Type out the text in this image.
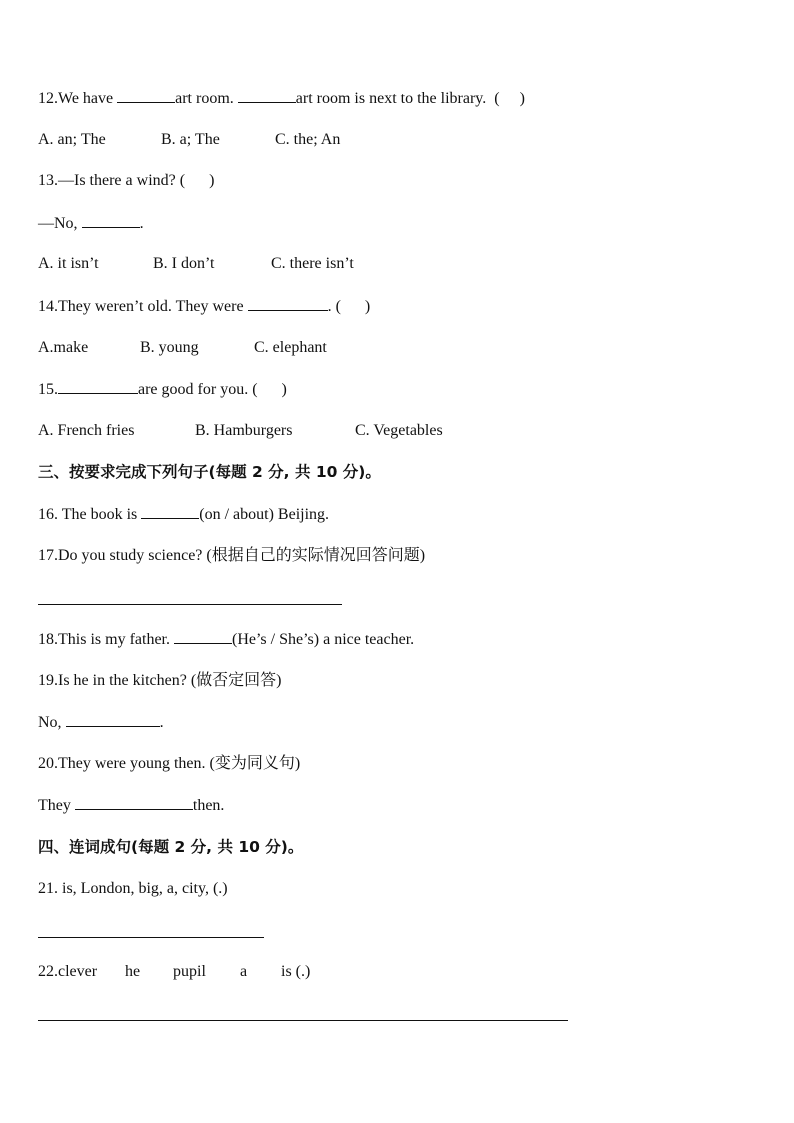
12.We have	art room.	art room is next to the library.  (     )
A. an; The	B. a; The	C. the; An
13.—Is there a wind? (      )
—No,	.
A. it isn’t	B. I don’t	C. there isn’t
14.They weren’t old. They were	. (      )
A.make	B. young	C. elephant
15.	are good for you. (      )
A. French fries	B. Hamburgers	C. Vegetables
三、按要求完成下列句子(每题 2 分, 共 10 分)。
16. The book is	(on / about) Beijing.
17.Do you study science? (根据自己的实际情况回答问题)
18.This is my father.	(He’s / She’s) a nice teacher.
19.Is he in the kitchen? (做否定回答)
No,	.
20.They were young then. (变为同义句)
They	then.
四、连词成句(每题 2 分, 共 10 分)。
21. is, London, big, a, city, (.)
22.clever he pupil a is (.)
